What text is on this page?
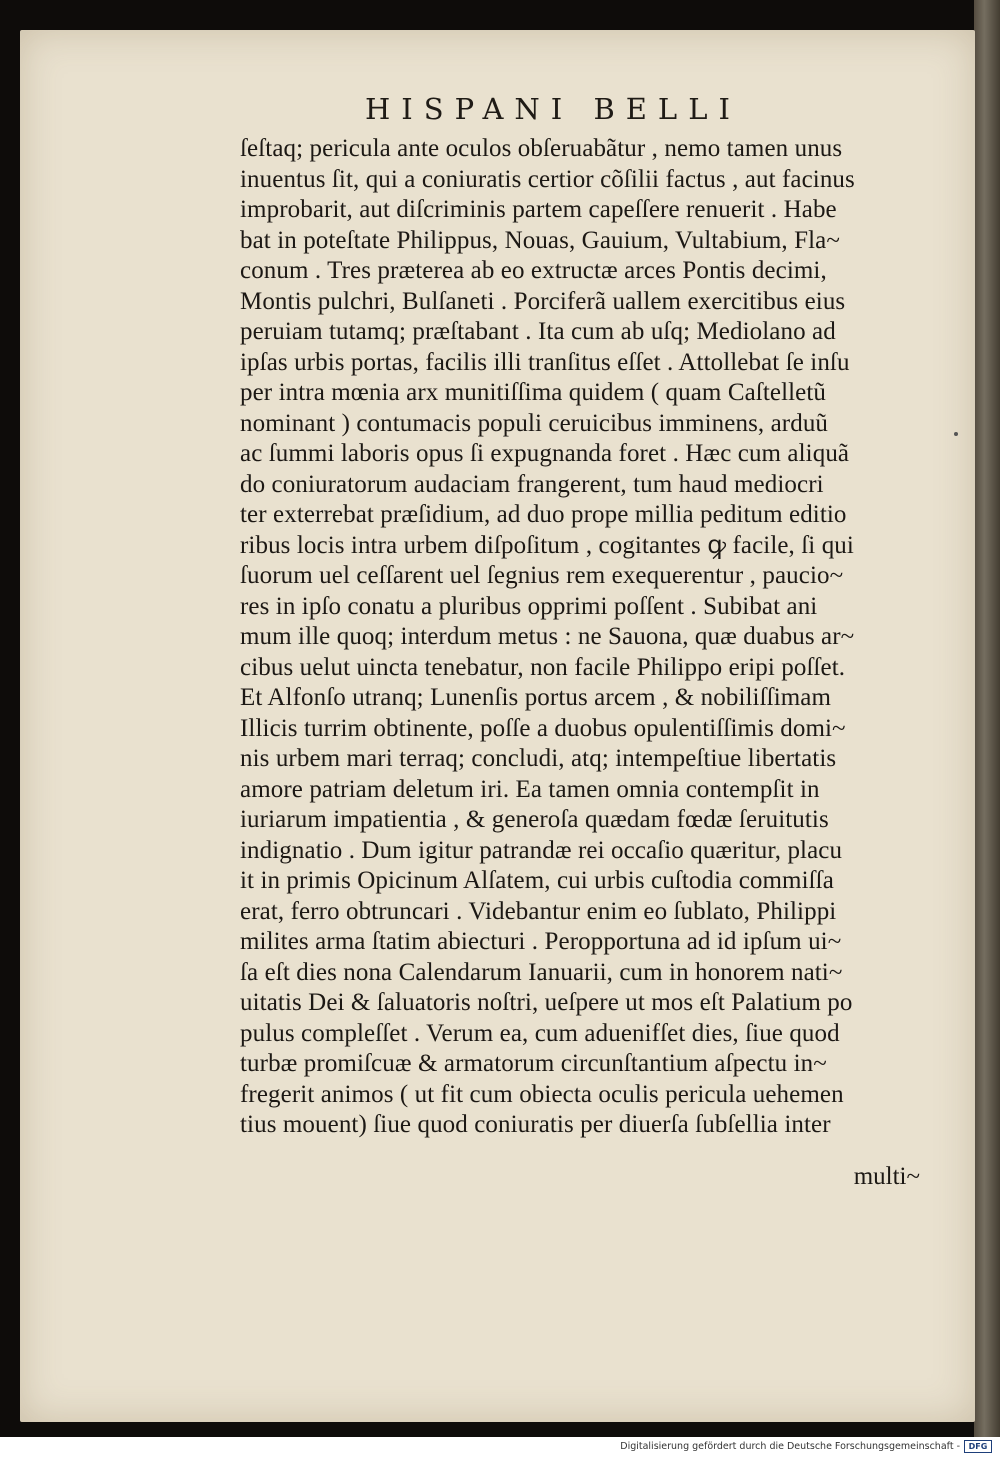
HISPANI BELLI
ſeſtaq; pericula ante oculos obſeruabãtur , nemo tamen unus
inuentus ſit, qui a coniuratis certior cõſilii factus , aut facinus
improbarit, aut diſcriminis partem capeſſere renuerit . Habe
bat in poteſtate Philippus, Nouas, Gauium, Vultabium, Fla~
conum . Tres præterea ab eo extructæ arces Pontis decimi,
Montis pulchri, Bulſaneti . Porciferã uallem exercitibus eius
peruiam tutamq; præſtabant . Ita cum ab uſq; Mediolano ad
ipſas urbis portas, facilis illi tranſitus eſſet . Attollebat ſe inſu
per intra mœnia arx munitiſſima quidem ( quam Caſtelletũ
nominant ) contumacis populi ceruicibus imminens, arduũ
ac ſummi laboris opus ſi expugnanda foret . Hæc cum aliquã
do coniuratorum audaciam frangerent, tum haud mediocri
ter exterrebat præſidium, ad duo prope millia peditum editio
ribus locis intra urbem diſpoſitum , cogitantes ꝙ facile, ſi qui
ſuorum uel ceſſarent uel ſegnius rem exequerentur , paucio~
res in ipſo conatu a pluribus opprimi poſſent . Subibat ani
mum ille quoq; interdum metus : ne Sauona, quæ duabus ar~
cibus uelut uincta tenebatur, non facile Philippo eripi poſſet.
Et Alfonſo utranq; Lunenſis portus arcem , & nobiliſſimam
Illicis turrim obtinente, poſſe a duobus opulentiſſimis domi~
nis urbem mari terraq; concludi, atq; intempeſtiue libertatis
amore patriam deletum iri. Ea tamen omnia contempſit in
iuriarum impatientia , & generoſa quædam fœdæ ſeruitutis
indignatio . Dum igitur patrandæ rei occaſio quæritur, placu
it in primis Opicinum Alſatem, cui urbis cuſtodia commiſſa
erat, ferro obtruncari . Videbantur enim eo ſublato, Philippi
milites arma ſtatim abiecturi . Peropportuna ad id ipſum ui~
ſa eſt dies nona Calendarum Ianuarii, cum in honorem nati~
uitatis Dei & ſaluatoris noſtri, ueſpere ut mos eſt Palatium po
pulus compleſſet . Verum ea, cum aduenifſet dies, ſiue quod
turbæ promiſcuæ & armatorum circunſtantium aſpectu in~
fregerit animos ( ut fit cum obiecta oculis pericula uehemen
tius mouent) ſiue quod coniuratis per diuerſa ſubſellia inter
multi~
Digitalisierung gefördert durch die Deutsche Forschungsgemeinschaft -	DFG
